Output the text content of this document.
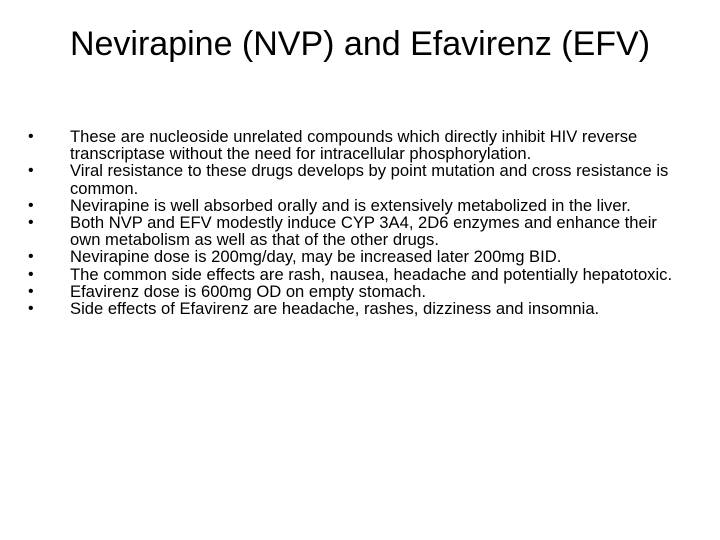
Nevirapine (NVP) and Efavirenz (EFV)
•	These are nucleoside unrelated compounds which directly inhibit HIV reverse transcriptase without the need for intracellular phosphorylation.
•	Viral resistance to these drugs develops by point mutation and cross resistance is common.
•	Nevirapine is well absorbed orally and is extensively metabolized in the liver.
•	Both NVP and EFV modestly induce CYP 3A4, 2D6 enzymes and enhance their own metabolism as well as that of the other drugs.
•	Nevirapine dose is 200mg/day, may be increased later 200mg BID.
•	The common side effects are rash, nausea, headache and potentially hepatotoxic.
•	Efavirenz dose is 600mg OD on empty stomach.
•	Side effects of Efavirenz are headache, rashes, dizziness and insomnia.
